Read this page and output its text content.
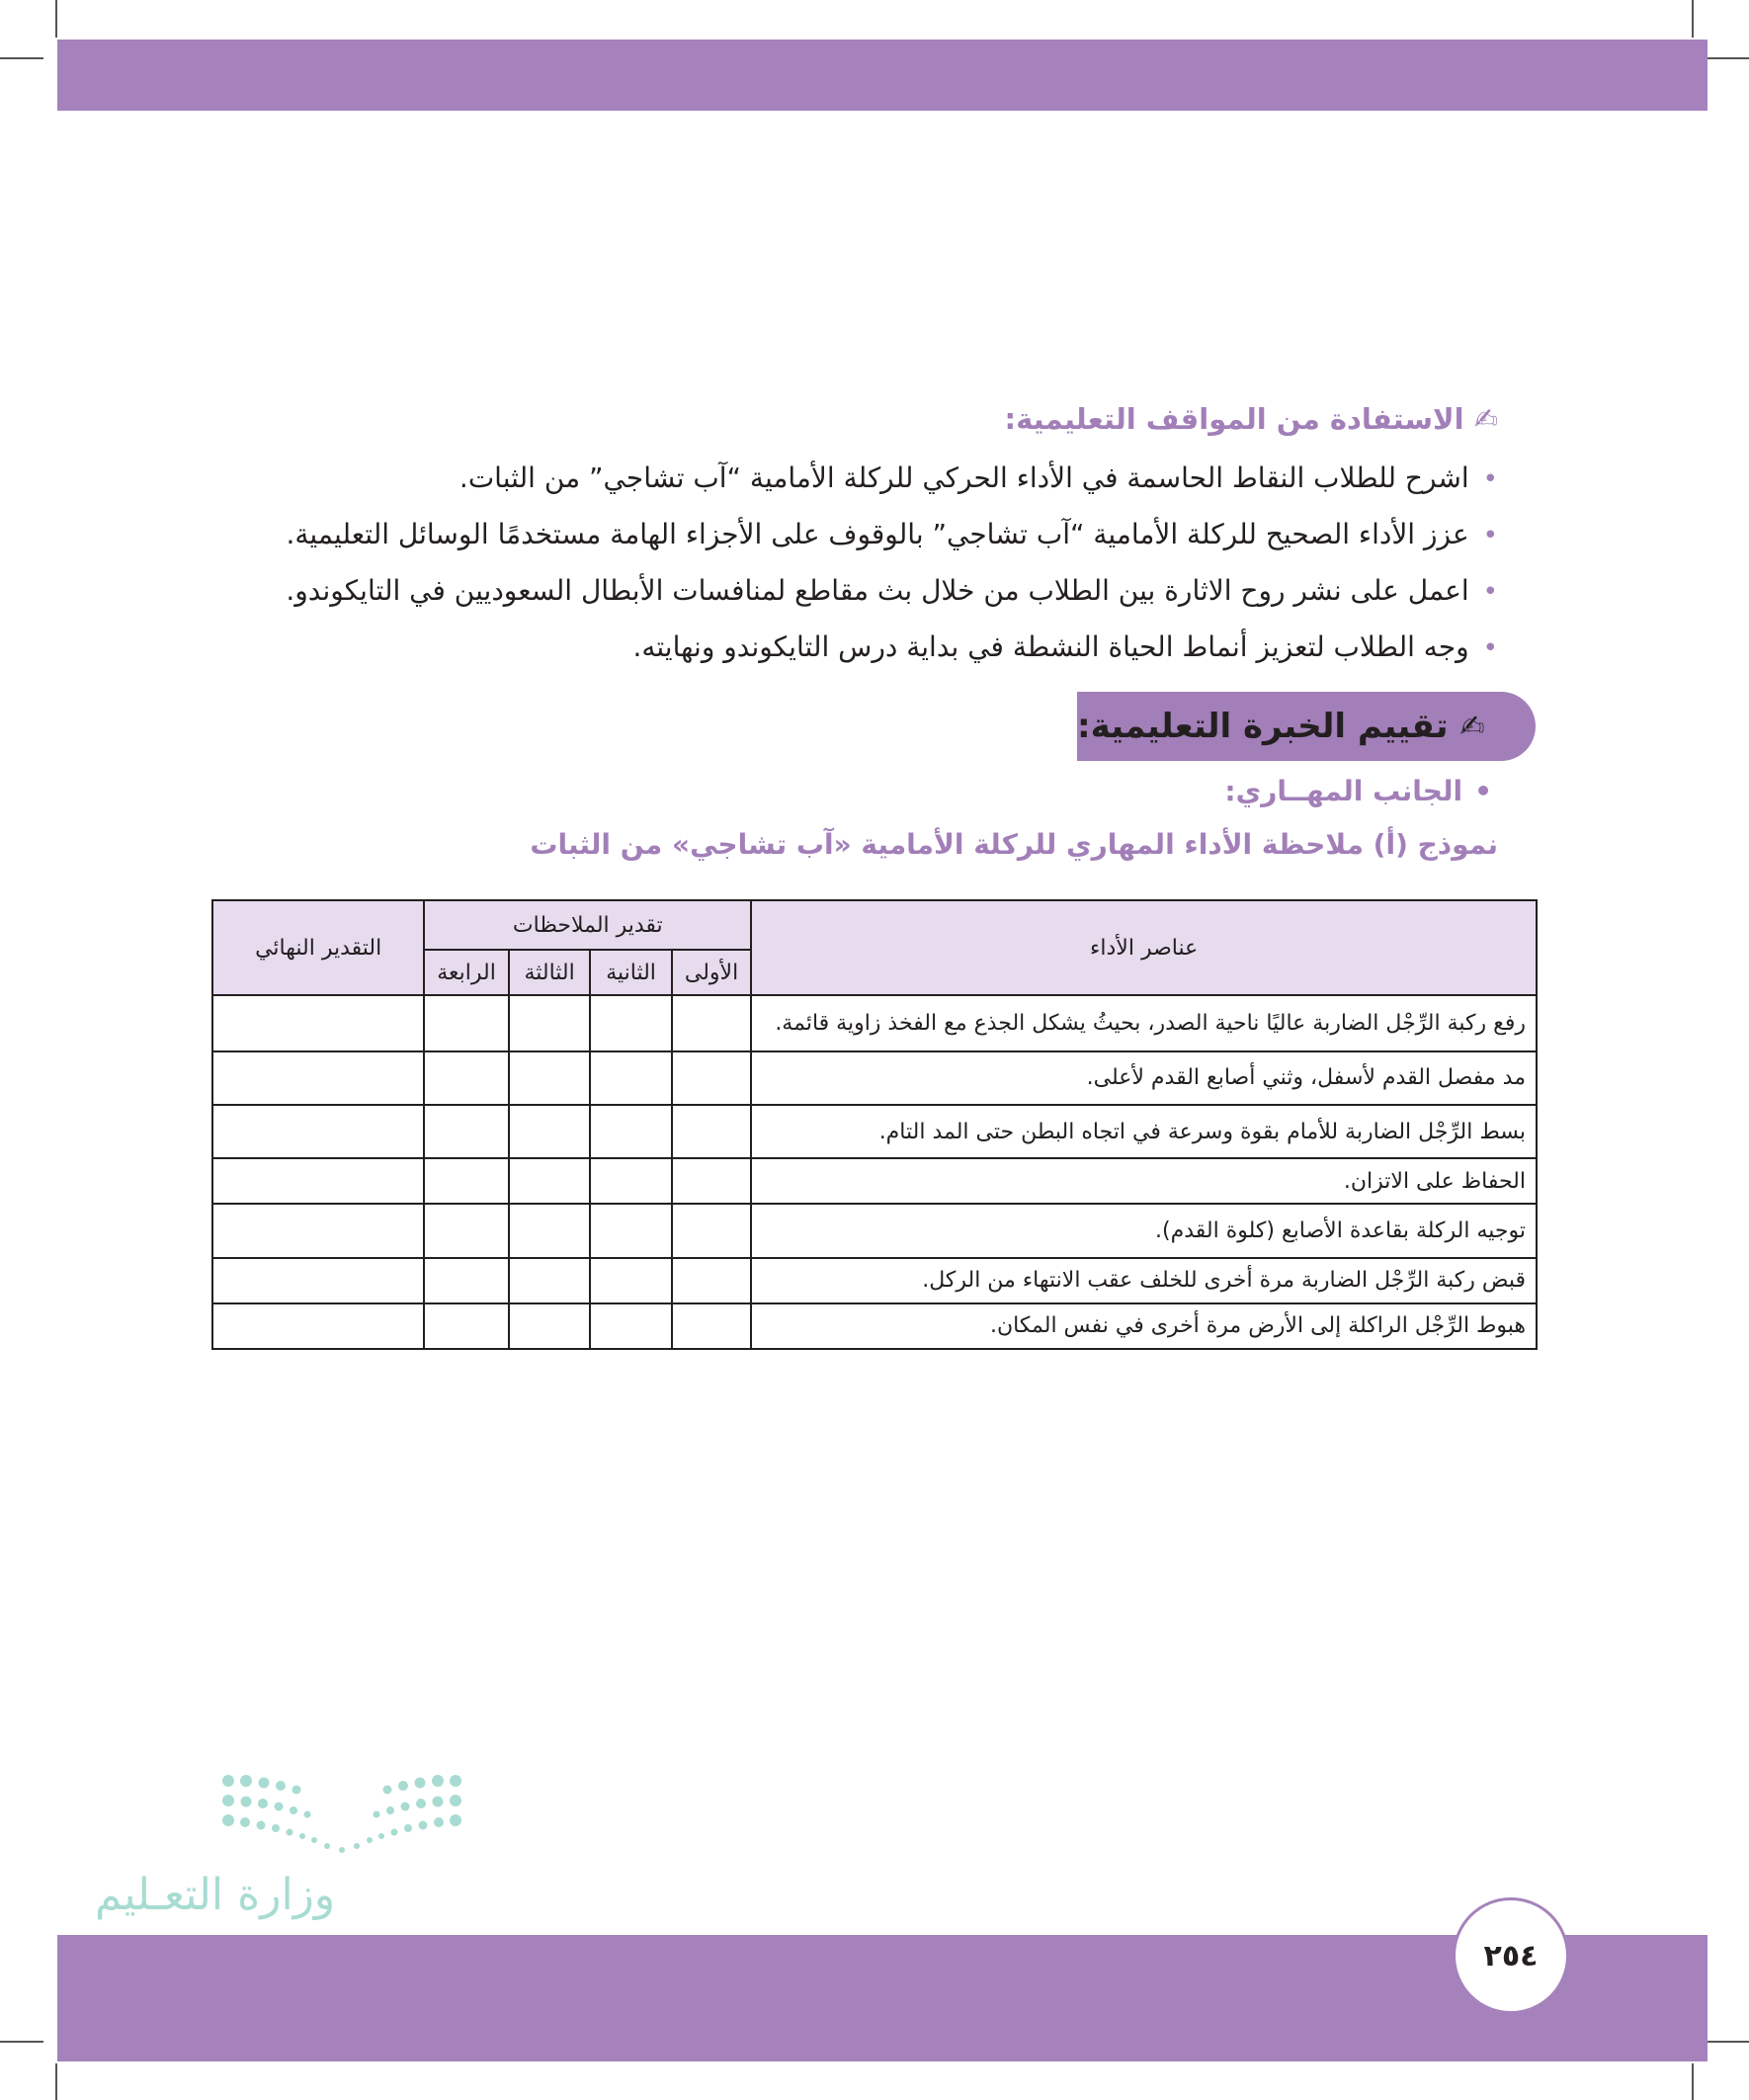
✍ الاستفادة من المواقف التعليمية:

•اشرح للطلاب النقاط الحاسمة في الأداء الحركي للركلة الأمامية “آب تشاجي” من الثبات.
•عزز الأداء الصحيح للركلة الأمامية “آب تشاجي” بالوقوف على الأجزاء الهامة مستخدمًا الوسائل التعليمية.
•اعمل على نشر روح الاثارة بين الطلاب من خلال بث مقاطع لمنافسات الأبطال السعوديين في التايكوندو.
•وجه الطلاب لتعزيز أنماط الحياة النشطة في بداية درس التايكوندو ونهايته.
✍
تقييم الخبرة التعليمية:
•الجانب المهــاري:
نموذج (أ) ملاحظة الأداء المهاري للركلة الأمامية «آب تشاجي» من الثبات
عناصر الأداء	تقدير الملاحظات				التقدير النهائي
	الأولى	الثانية	الثالثة	الرابعة	
رفع ركبة الرِّجْل الضاربة عاليًا ناحية الصدر، بحيثُ يشكل الجذع مع الفخذ زاوية قائمة.					
مد مفصل القدم لأسفل، وثني أصابع القدم لأعلى.					
بسط الرِّجْل الضاربة للأمام بقوة وسرعة في اتجاه البطن حتى المد التام.					
الحفاظ على الاتزان.					
توجيه الركلة بقاعدة الأصابع (كلوة القدم).					
قبض ركبة الرِّجْل الضاربة مرة أخرى للخلف عقب الانتهاء من الركل.					
هبوط الرِّجْل الراكلة إلى الأرض مرة أخرى في نفس المكان.					
وزارة التعـليم
٢٥٤
